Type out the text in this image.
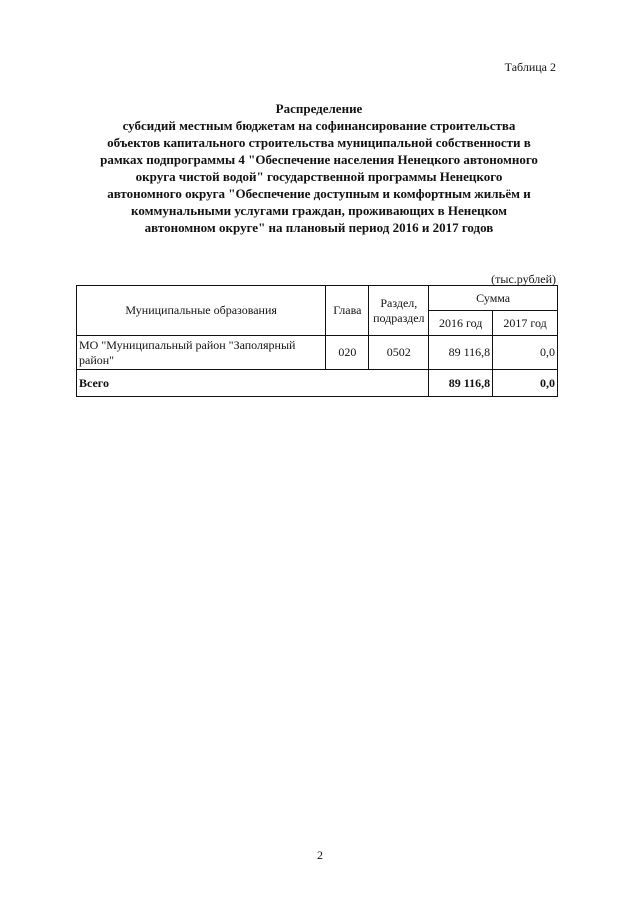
Таблица 2
Распределение
субсидий местным бюджетам на софинансирование строительства
объектов капитального строительства муниципальной собственности в
рамках подпрограммы 4 "Обеспечение населения Ненецкого автономного
округа чистой водой" государственной программы Ненецкого
автономного округа "Обеспечение доступным и комфортным жильём и
коммунальными услугами граждан, проживающих в Ненецком
автономном округе" на плановый период 2016 и 2017 годов
(тыс.рублей)
Муниципальные образования	Глава	Раздел, подраздел	Сумма	
			2016 год	2017 год
МО "Муниципальный район "Заполярный район"	020	0502	89 116,8	0,0
Всего			89 116,8	0,0
2
